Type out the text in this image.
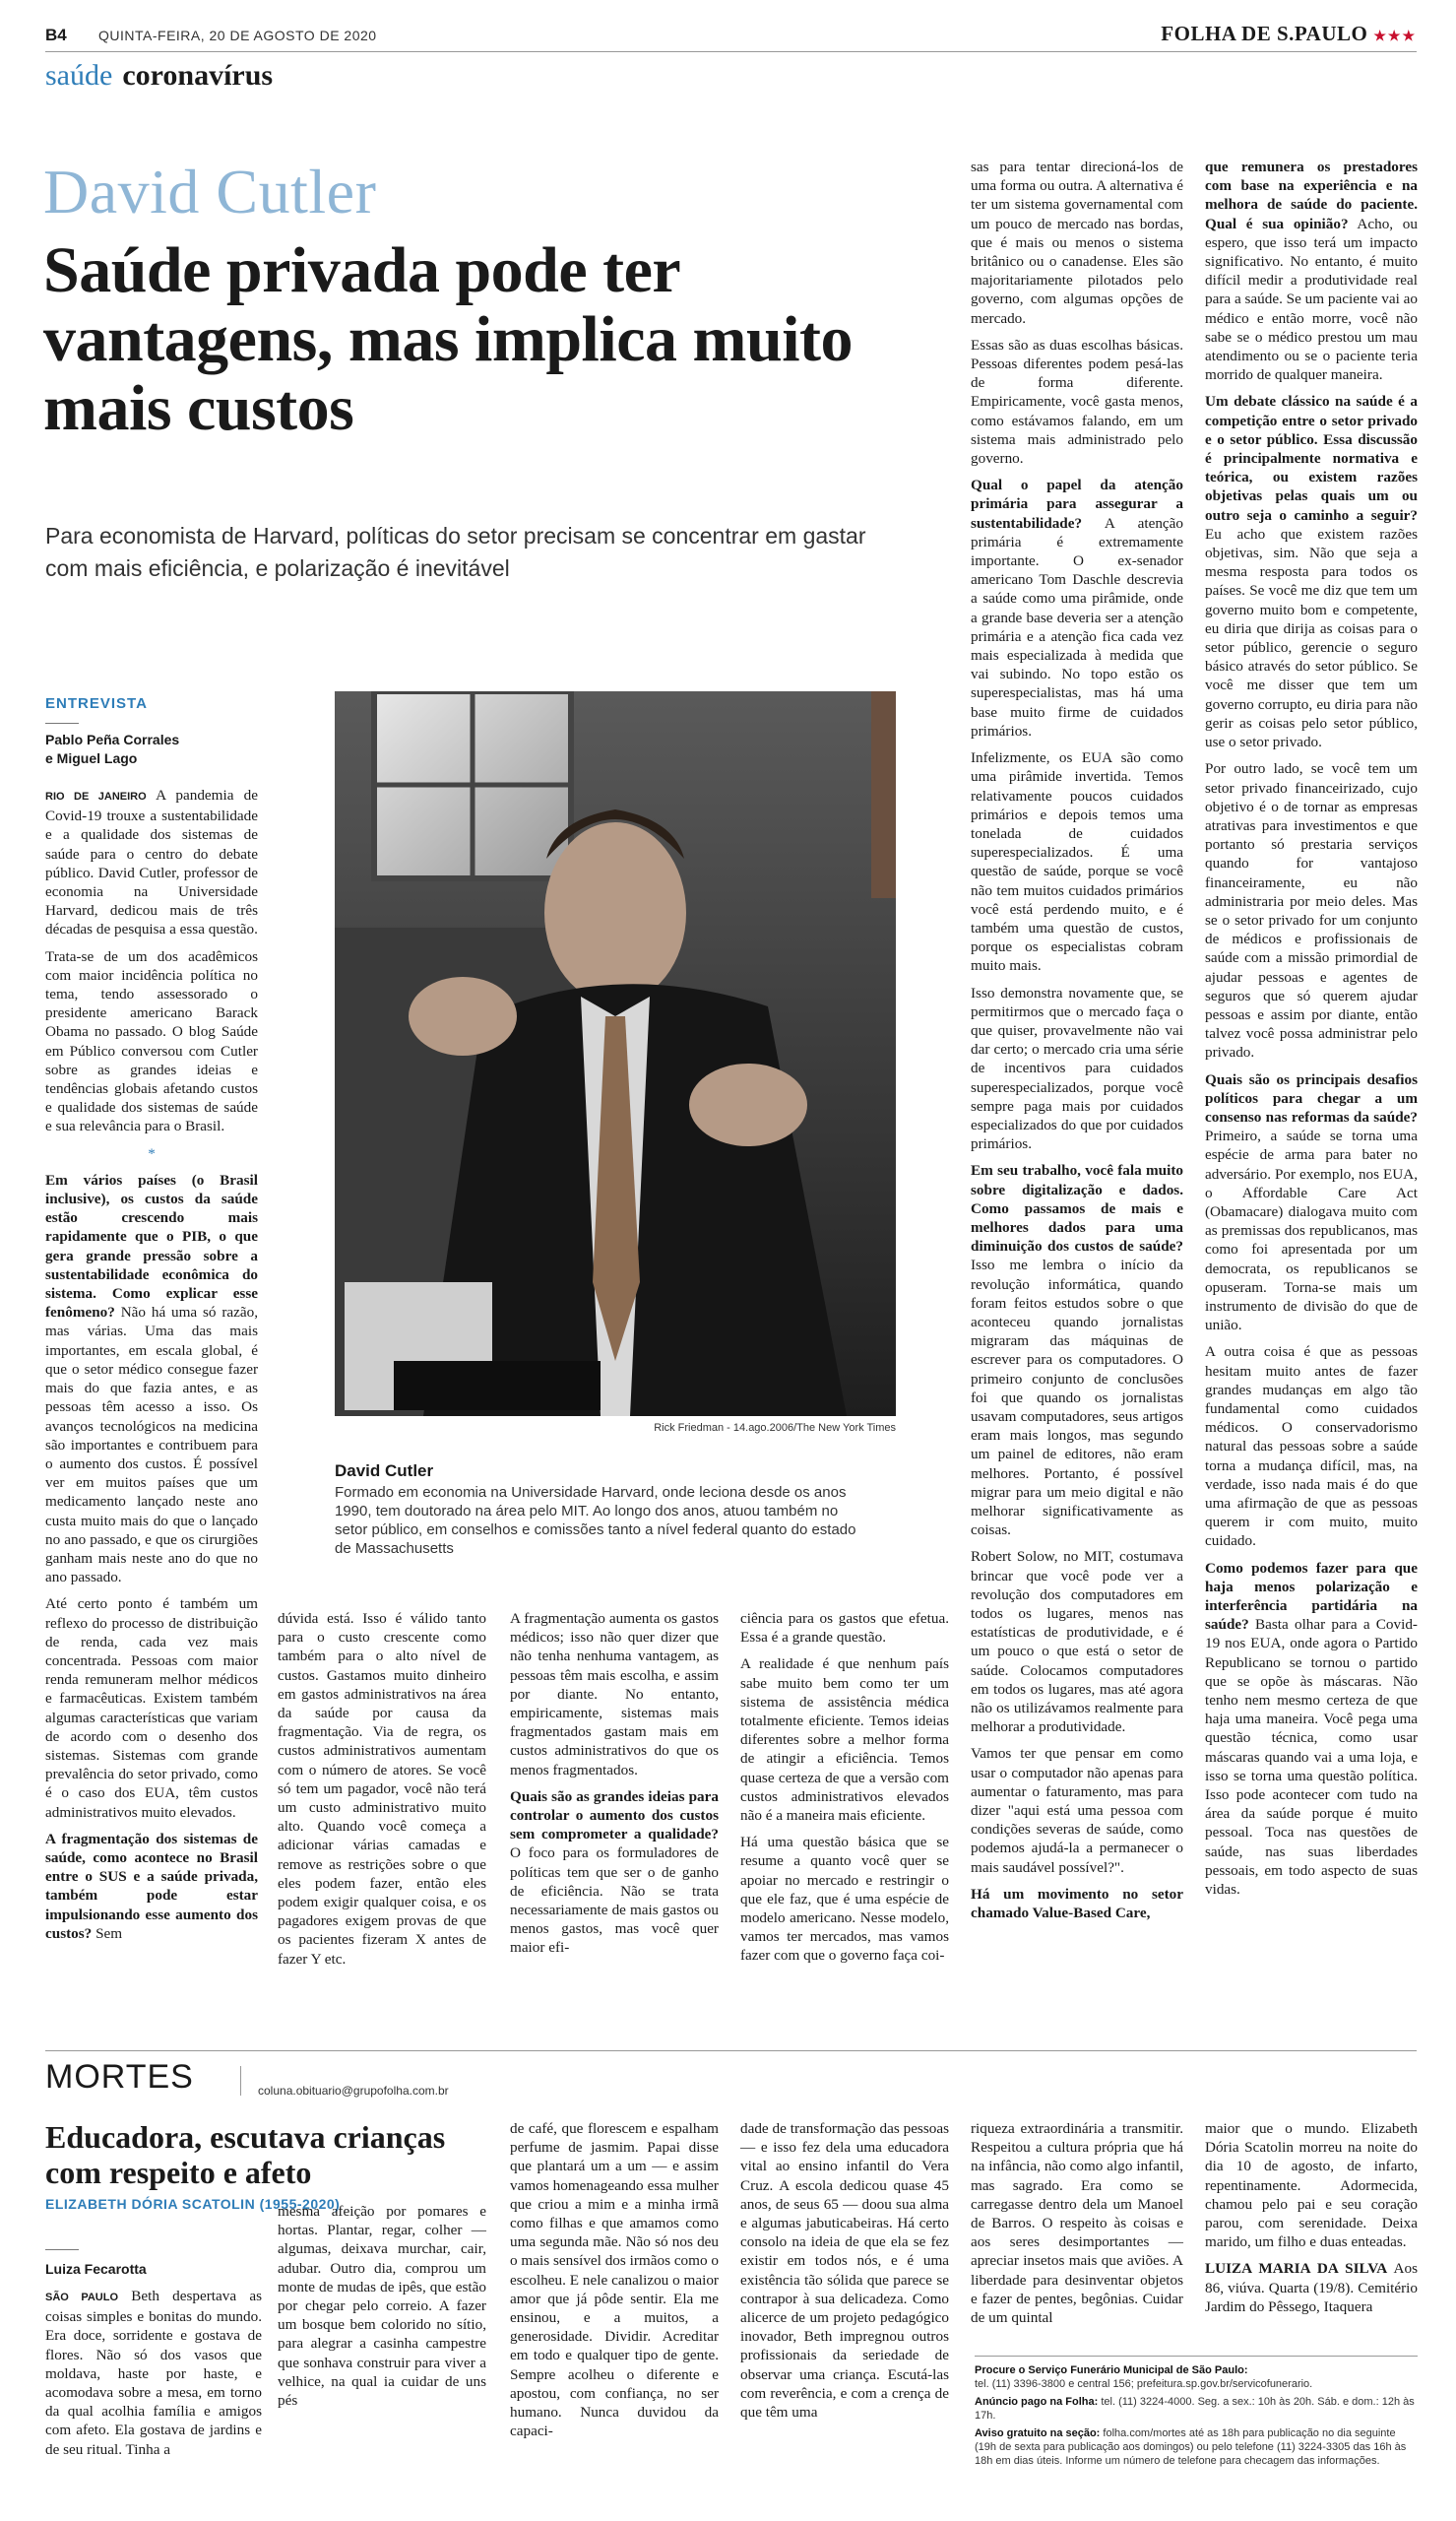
B4 QUINTA-FEIRA, 20 DE AGOSTO DE 2020	FOLHA DE S.PAULO ★★★
saúde coronavírus
David Cutler
Saúde privada pode ter vantagens, mas implica muito mais custos
Para economista de Harvard, políticas do setor precisam se concentrar em gastar com mais eficiência, e polarização é inevitável
ENTREVISTA
Pablo Peña Corrales
e Miguel Lago

RIO DE JANEIRO A pandemia de Covid-19 trouxe a sustentabilidade e a qualidade dos sistemas de saúde para o centro do debate público. David Cutler, professor de economia na Universidade Harvard, dedicou mais de três décadas de pesquisa a essa questão.

Trata-se de um dos acadêmicos com maior incidência política no tema, tendo assessorado o presidente americano Barack Obama no passado. O blog Saúde em Público conversou com Cutler sobre as grandes ideias e tendências globais afetando custos e qualidade dos sistemas de saúde e sua relevância para o Brasil.

*

Em vários países (o Brasil inclusive), os custos da saúde estão crescendo mais rapidamente que o PIB, o que gera grande pressão sobre a sustentabilidade econômica do sistema. Como explicar esse fenômeno? Não há uma só razão, mas várias. Uma das mais importantes, em escala global, é que o setor médico consegue fazer mais do que fazia antes, e as pessoas têm acesso a isso. Os avanços tecnológicos na medicina são importantes e contribuem para o aumento dos custos. É possível ver em muitos países que um medicamento lançado neste ano custa muito mais do que o lançado no ano passado, e que os cirurgiões ganham mais neste ano do que no ano passado.

Até certo ponto é também um reflexo do processo de distribuição de renda, cada vez mais concentrada. Pessoas com maior renda remuneram melhor médicos e farmacêuticas. Existem também algumas características que variam de acordo com o desenho dos sistemas. Sistemas com grande prevalência do setor privado, como é o caso dos EUA, têm custos administrativos muito elevados.

A fragmentação dos sistemas de saúde, como acontece no Brasil entre o SUS e a saúde privada, também pode estar impulsionando esse aumento dos custos? Sem

Rick Friedman - 14.ago.2006/The New York Times
David Cutler
Formado em economia na Universidade Harvard, onde leciona desde os anos 1990, tem doutorado na área pelo MIT. Ao longo dos anos, atuou também no setor público, em conselhos e comissões tanto a nível federal quanto do estado de Massachusetts

dúvida está. Isso é válido tanto para o custo crescente como também para o alto nível de custos. Gastamos muito dinheiro em gastos administrativos na área da saúde por causa da fragmentação. Via de regra, os custos administrativos aumentam com o número de atores. Se você só tem um pagador, você não terá um custo administrativo muito alto. Quando você começa a adicionar várias camadas e remove as restrições sobre o que eles podem fazer, então eles podem exigir qualquer coisa, e os pagadores exigem provas de que os pacientes fizeram X antes de fazer Y etc.

A fragmentação aumenta os gastos médicos; isso não quer dizer que não tenha nenhuma vantagem, as pessoas têm mais escolha, e assim por diante. No entanto, empiricamente, sistemas mais fragmentados gastam mais em custos administrativos do que os menos fragmentados.

Quais são as grandes ideias para controlar o aumento dos custos sem comprometer a qualidade? O foco para os formuladores de políticas tem que ser o de ganho de eficiência. Não se trata necessariamente de mais gastos ou menos gastos, mas você quer maior efi-

ciência para os gastos que efetua. Essa é a grande questão.

A realidade é que nenhum país sabe muito bem como ter um sistema de assistência médica totalmente eficiente. Temos ideias diferentes sobre a melhor forma de atingir a eficiência. Temos quase certeza de que a versão com custos administrativos elevados não é a maneira mais eficiente.

Há uma questão básica que se resume a quanto você quer se apoiar no mercado e restringir o que ele faz, que é uma espécie de modelo americano. Nesse modelo, vamos ter mercados, mas vamos fazer com que o governo faça coi-

sas para tentar direcioná-los de uma forma ou outra. A alternativa é ter um sistema governamental com um pouco de mercado nas bordas, que é mais ou menos o sistema britânico ou o canadense. Eles são majoritariamente pilotados pelo governo, com algumas opções de mercado.

Essas são as duas escolhas básicas. Pessoas diferentes podem pesá-las de forma diferente. Empiricamente, você gasta menos, como estávamos falando, em um sistema mais administrado pelo governo.

Qual o papel da atenção primária para assegurar a sustentabilidade? A atenção primária é extremamente importante. O ex-senador americano Tom Daschle descrevia a saúde como uma pirâmide, onde a grande base deveria ser a atenção primária e a atenção fica cada vez mais especializada à medida que vai subindo. No topo estão os superespecialistas, mas há uma base muito firme de cuidados primários.

Infelizmente, os EUA são como uma pirâmide invertida. Temos relativamente poucos cuidados primários e depois temos uma tonelada de cuidados superespecializados. É uma questão de saúde, porque se você não tem muitos cuidados primários você está perdendo muito, e é também uma questão de custos, porque os especialistas cobram muito mais.

Isso demonstra novamente que, se permitirmos que o mercado faça o que quiser, provavelmente não vai dar certo; o mercado cria uma série de incentivos para cuidados superespecializados, porque você sempre paga mais por cuidados especializados do que por cuidados primários.

Em seu trabalho, você fala muito sobre digitalização e dados. Como passamos de mais e melhores dados para uma diminuição dos custos de saúde? Isso me lembra o início da revolução informática, quando foram feitos estudos sobre o que aconteceu quando jornalistas migraram das máquinas de escrever para os computadores. O primeiro conjunto de conclusões foi que quando os jornalistas usavam computadores, seus artigos eram mais longos, mas segundo um painel de editores, não eram melhores. Portanto, é possível migrar para um meio digital e não melhorar significativamente as coisas.

Robert Solow, no MIT, costumava brincar que você pode ver a revolução dos computadores em todos os lugares, menos nas estatísticas de produtividade, e é um pouco o que está o setor de saúde. Colocamos computadores em todos os lugares, mas até agora não os utilizávamos realmente para melhorar a produtividade.

Vamos ter que pensar em como usar o computador não apenas para aumentar o faturamento, mas para dizer "aqui está uma pessoa com condições severas de saúde, como podemos ajudá-la a permanecer o mais saudável possível?".

Há um movimento no setor chamado Value-Based Care,

que remunera os prestadores com base na experiência e na melhora de saúde do paciente. Qual é sua opinião? Acho, ou espero, que isso terá um impacto significativo. No entanto, é muito difícil medir a produtividade real para a saúde. Se um paciente vai ao médico e então morre, você não sabe se o médico prestou um mau atendimento ou se o paciente teria morrido de qualquer maneira.

Um debate clássico na saúde é a competição entre o setor privado e o setor público. Essa discussão é principalmente normativa e teórica, ou existem razões objetivas pelas quais um ou outro seja o caminho a seguir? Eu acho que existem razões objetivas, sim. Não que seja a mesma resposta para todos os países. Se você me diz que tem um governo muito bom e competente, eu diria que dirija as coisas para o setor público, gerencie o seguro básico através do setor público. Se você me disser que tem um governo corrupto, eu diria para não gerir as coisas pelo setor público, use o setor privado.

Por outro lado, se você tem um setor privado financeirizado, cujo objetivo é o de tornar as empresas atrativas para investimentos e que portanto só prestaria serviços quando for vantajoso financeiramente, eu não administraria por meio deles. Mas se o setor privado for um conjunto de médicos e profissionais de saúde com a missão primordial de ajudar pessoas e agentes de seguros que só querem ajudar pessoas e assim por diante, então talvez você possa administrar pelo privado.

Quais são os principais desafios políticos para chegar a um consenso nas reformas da saúde? Primeiro, a saúde se torna uma espécie de arma para bater no adversário. Por exemplo, nos EUA, o Affordable Care Act (Obamacare) dialogava muito com as premissas dos republicanos, mas como foi apresentada por um democrata, os republicanos se opuseram. Torna-se mais um instrumento de divisão do que de união.

A outra coisa é que as pessoas hesitam muito antes de fazer grandes mudanças em algo tão fundamental como cuidados médicos. O conservadorismo natural das pessoas sobre a saúde torna a mudança difícil, mas, na verdade, isso nada mais é do que uma afirmação de que as pessoas querem ir com muito, muito cuidado.

Como podemos fazer para que haja menos polarização e interferência partidária na saúde? Basta olhar para a Covid-19 nos EUA, onde agora o Partido Republicano se tornou o partido que se opõe às máscaras. Não tenho nem mesmo certeza de que haja uma maneira. Você pega uma questão técnica, como usar máscaras quando vai a uma loja, e isso se torna uma questão política. Isso pode acontecer com tudo na área da saúde porque é muito pessoal. Toca nas questões de saúde, nas suas liberdades pessoais, em todo aspecto de suas vidas.

MORTES	coluna.obituario@grupofolha.com.br
Educadora, escutava crianças com respeito e afeto
ELIZABETH DÓRIA SCATOLIN (1955-2020)
Luiza Fecarotta

SÃO PAULO Beth despertava as coisas simples e bonitas do mundo. Era doce, sorridente e gostava de flores. Não só dos vasos que moldava, haste por haste, e acomodava sobre a mesa, em torno da qual acolhia família e amigos com afeto. Ela gostava de jardins e de seu ritual. Tinha a

mesma afeição por pomares e hortas. Plantar, regar, colher — algumas, deixava murchar, cair, adubar. Outro dia, comprou um monte de mudas de ipês, que estão por chegar pelo correio. A fazer um bosque bem colorido no sítio, para alegrar a casinha campestre que sonhava construir para viver a velhice, na qual ia cuidar de uns pés

de café, que florescem e espalham perfume de jasmim. Papai disse que plantará um a um — e assim vamos homenageando essa mulher que criou a mim e a minha irmã como filhas e que amamos como uma segunda mãe. Não só nos deu o mais sensível dos irmãos como o escolheu. E nele canalizou o maior amor que já pôde sentir. Ela me ensinou, e a muitos, a generosidade. Dividir. Acreditar em todo e qualquer tipo de gente. Sempre acolheu o diferente e apostou, com confiança, no ser humano. Nunca duvidou da capaci-

dade de transformação das pessoas — e isso fez dela uma educadora vital ao ensino infantil do Vera Cruz. A escola dedicou quase 45 anos, de seus 65 — doou sua alma e algumas jabuticabeiras. Há certo consolo na ideia de que ela se fez existir em todos nós, e é uma existência tão sólida que parece se contrapor à sua delicadeza. Como alicerce de um projeto pedagógico inovador, Beth impregnou outros profissionais da seriedade de observar uma criança. Escutá-las com reverência, e com a crença de que têm uma

riqueza extraordinária a transmitir. Respeitou a cultura própria que há na infância, não como algo infantil, mas sagrado. Era como se carregasse dentro dela um Manoel de Barros. O respeito às coisas e aos seres desimportantes — apreciar insetos mais que aviões. A liberdade para desinventar objetos e fazer de pentes, begônias. Cuidar de um quintal

maior que o mundo. Elizabeth Dória Scatolin morreu na noite do dia 10 de agosto, de infarto, repentinamente. Adormecida, chamou pelo pai e seu coração parou, com serenidade. Deixa marido, um filho e duas enteadas.

LUIZA MARIA DA SILVA Aos 86, viúva. Quarta (19/8). Cemitério Jardim do Pêssego, Itaquera

Procure o Serviço Funerário Municipal de São Paulo:
tel. (11) 3396-3800 e central 156; prefeitura.sp.gov.br/servicofunerario.
Anúncio pago na Folha: tel. (11) 3224-4000. Seg. a sex.: 10h às 20h. Sáb. e dom.: 12h às 17h.
Aviso gratuito na seção: folha.com/mortes até as 18h para publicação no dia seguinte (19h de sexta para publicação aos domingos) ou pelo telefone (11) 3224-3305 das 16h às 18h em dias úteis. Informe um número de telefone para checagem das informações.
